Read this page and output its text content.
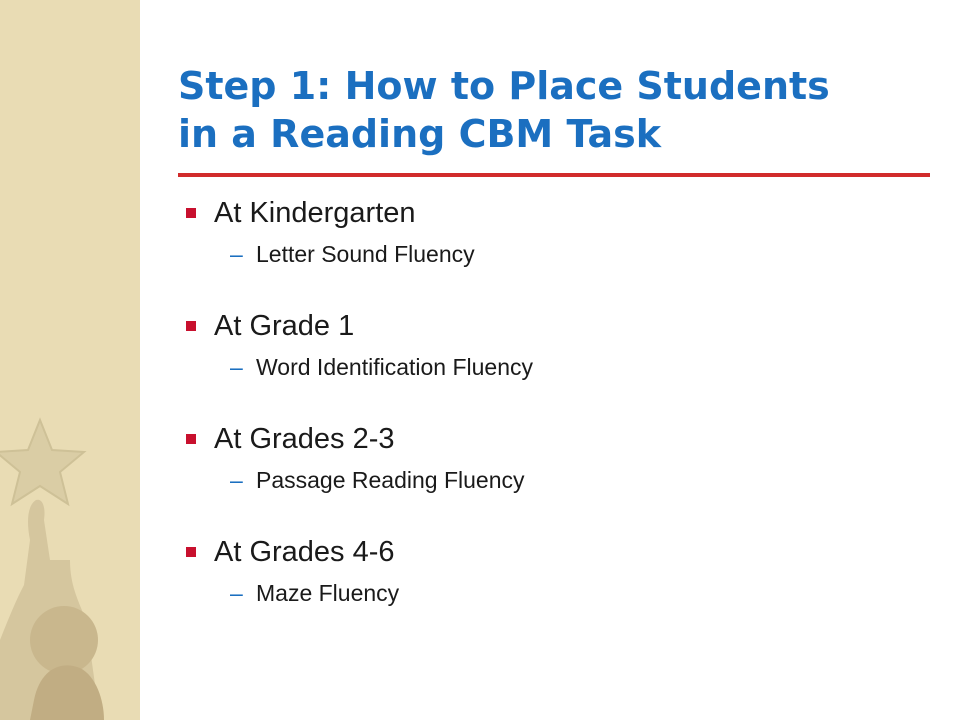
Step 1: How to Place Students
in a Reading CBM Task
At Kindergarten
– Letter Sound Fluency
At Grade 1
– Word Identification Fluency
At Grades 2-3
– Passage Reading Fluency
At Grades 4-6
– Maze Fluency
